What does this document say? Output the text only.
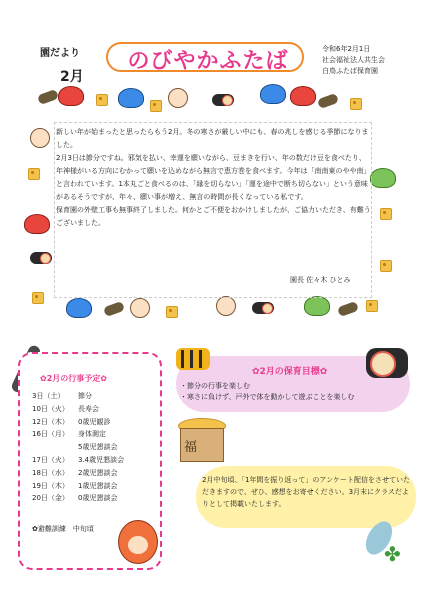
園だより
2月
のびやかふたば	令和6年2月1日
社会福祉法人共生会
白鳥ふたば保育園

新しい年が始まったと思ったらもう2月。冬の寒さが厳しい中にも、春の兆しを感じる季節になりました。

2月3日は節分ですね。邪気を払い、幸運を願いながら、豆まきを行い、年の数だけ豆を食べたり、年神様がいる方向にむかって願いを込めながら無言で恵方巻を食べます。今年は「南南東のやや南」と言われています。1本丸ごと食べるのは、「縁を切らない」「運を途中で断ち切らない」という意味があるそうですが、年々、願い事が増え、無言の時間が長くなっている私です。

保育園の外壁工事も無事終了しました。何かとご不便をおかけしましたが、ご協力いただき、有難うございました。

園長 佐々木 ひとみ
✿2月の行事予定✿
3日（土）	節分
10日（火）	長寿会
12日（木）	0歳児観診
16日（月）	身体測定
5歳児懇談会
17日（火）	3.4歳児懇談会
18日（水）	2歳児懇談会
19日（木）	1歳児懇談会
20日（金）	0歳児懇談会
✿避難訓練　中旬頃
✿2月の保育目標✿
・節分の行事を楽しむ
・寒さに負けず、戸外で体を動かして遊ぶことを楽しむ
福
2月中旬頃、「1年間を振り返って」のアンケート配信をさせていただきますので、ぜひ、感想をお寄せください。3月末にクラスだよりとして掲載いたします。
✤
